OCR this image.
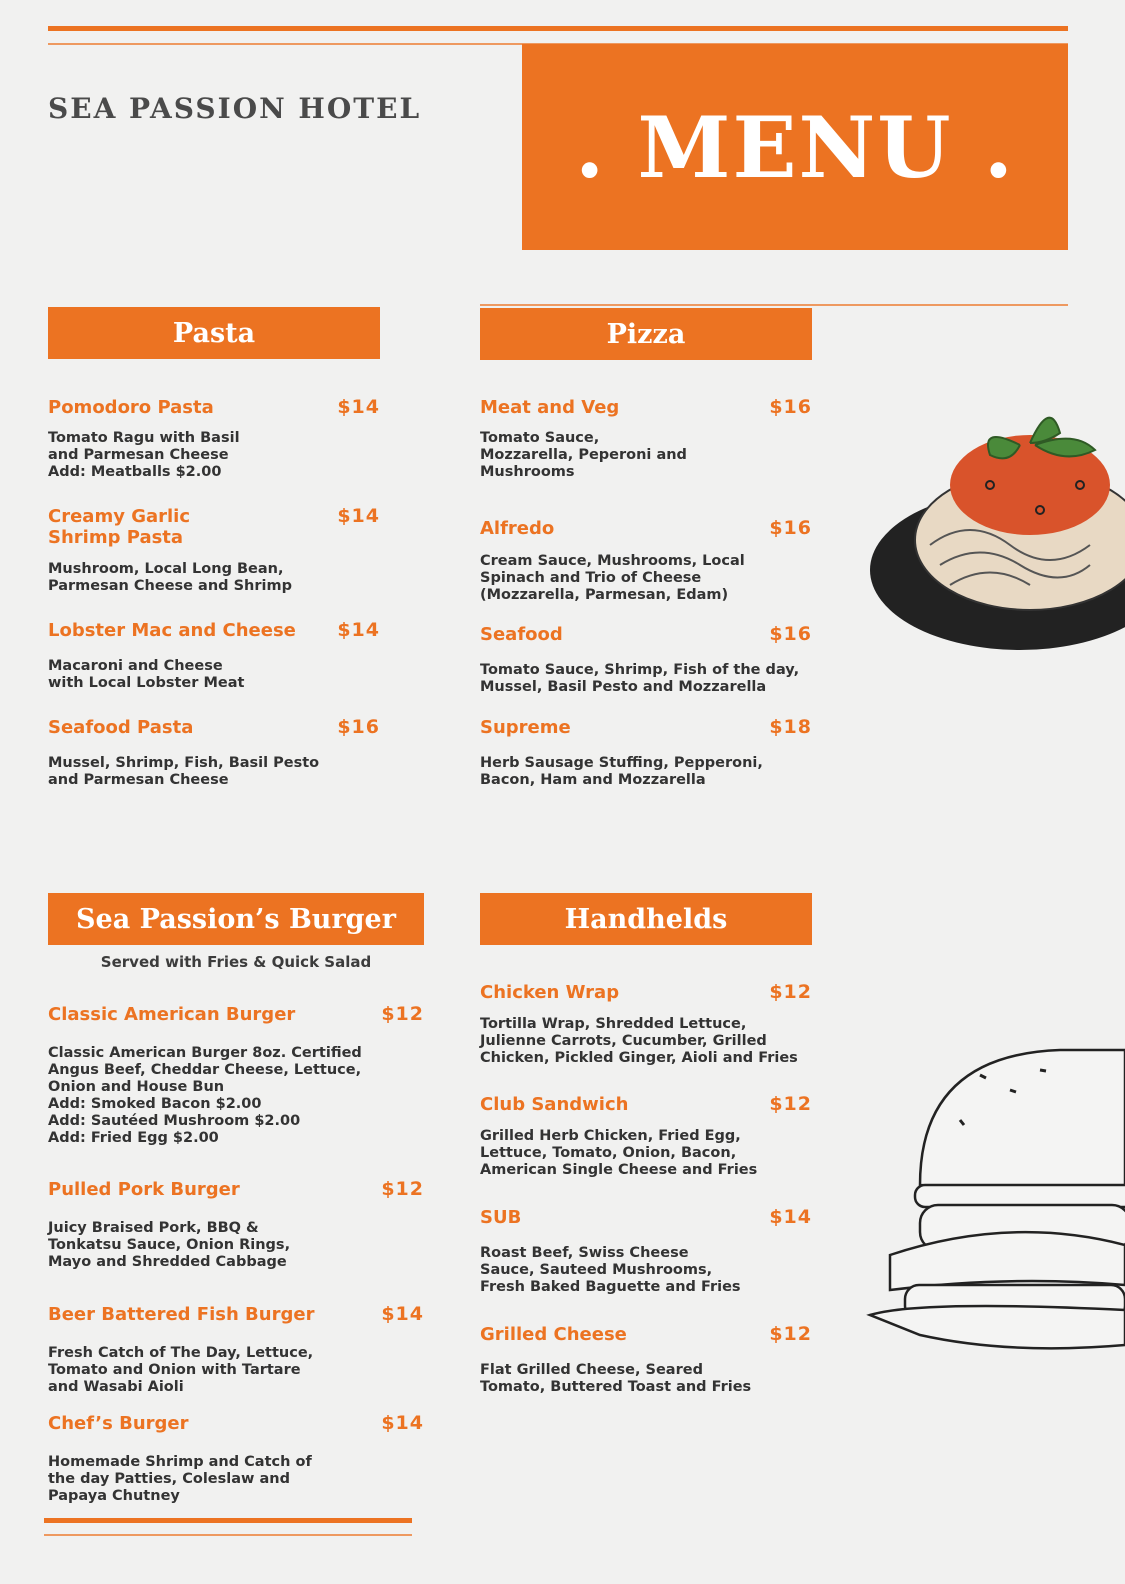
SEA PASSION HOTEL . MENU .
Pasta
Pomodoro Pasta	$14
Tomato Ragu with Basil
and Parmesan Cheese
Add: Meatballs $2.00
Creamy Garlic
Shrimp Pasta
$14
Mushroom, Local Long Bean,
Parmesan Cheese and Shrimp
Lobster Mac and Cheese	$14
Macaroni and Cheese
with Local Lobster Meat
Seafood Pasta	$16
Mussel, Shrimp, Fish, Basil Pesto
and Parmesan Cheese
Pizza
Meat and Veg	$16
Tomato Sauce,
Mozzarella, Peperoni and
Mushrooms
Alfredo	$16
Cream Sauce, Mushrooms, Local
Spinach and Trio of Cheese
(Mozzarella, Parmesan, Edam)
Seafood	$16
Tomato Sauce, Shrimp, Fish of the day,
Mussel, Basil Pesto and Mozzarella
Supreme	$18
Herb Sausage Stuffing, Pepperoni,
Bacon, Ham and Mozzarella
Sea Passion’s Burger
Served with Fries & Quick Salad
Classic American Burger	$12
Classic American Burger 8oz. Certified
Angus Beef, Cheddar Cheese, Lettuce,
Onion and House Bun
Add: Smoked Bacon $2.00
Add: Sautéed Mushroom $2.00
Add: Fried Egg $2.00
Pulled Pork Burger	$12
Juicy Braised Pork, BBQ &
Tonkatsu Sauce, Onion Rings,
Mayo and Shredded Cabbage
Beer Battered Fish Burger	$14
Fresh Catch of The Day, Lettuce,
Tomato and Onion with Tartare
and Wasabi Aioli
Chef’s Burger	$14
Homemade Shrimp and Catch of
the day Patties, Coleslaw and
Papaya Chutney
Handhelds
Chicken Wrap	$12
Tortilla Wrap, Shredded Lettuce,
Julienne Carrots, Cucumber, Grilled
Chicken, Pickled Ginger, Aioli and Fries
Club Sandwich	$12
Grilled Herb Chicken, Fried Egg,
Lettuce, Tomato, Onion, Bacon,
American Single Cheese and Fries
SUB	$14
Roast Beef, Swiss Cheese
Sauce, Sauteed Mushrooms,
Fresh Baked Baguette and Fries
Grilled Cheese	$12
Flat Grilled Cheese, Seared
Tomato, Buttered Toast and Fries
